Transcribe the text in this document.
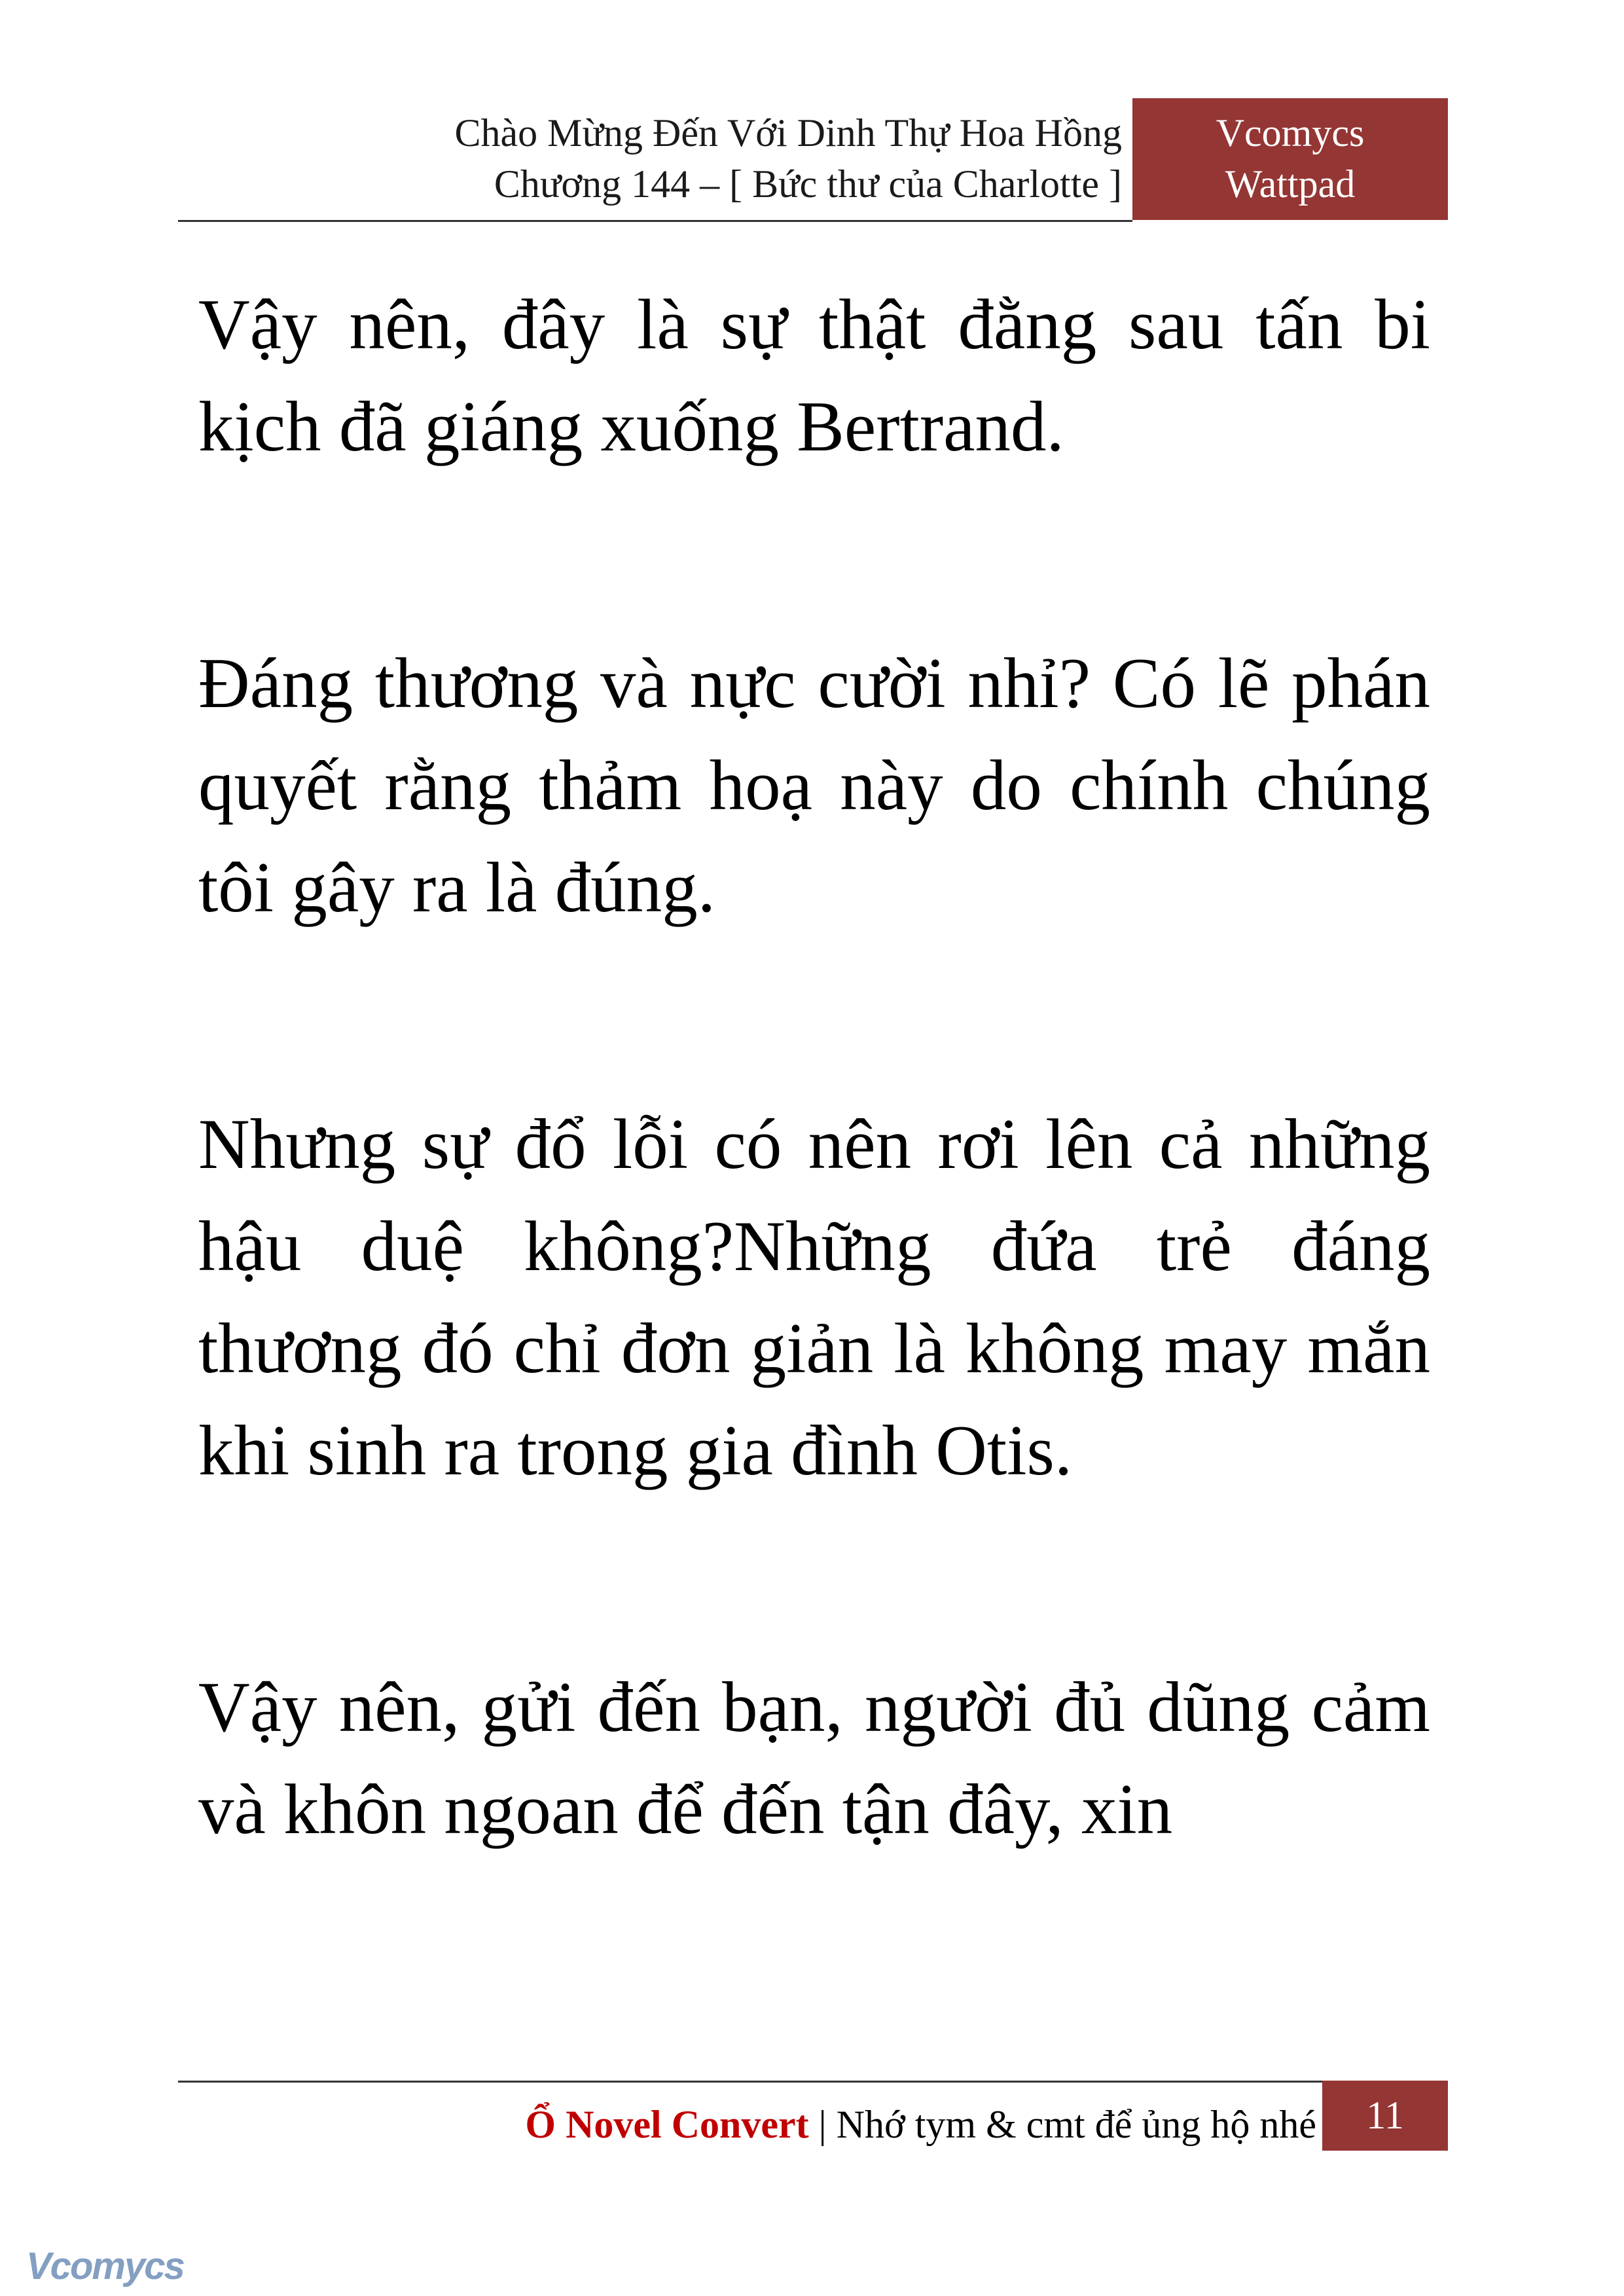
Chào Mừng Đến Với Dinh Thự Hoa Hồng
Chương 144 – [ Bức thư của Charlotte ]
Vcomycs
Wattpad

Vậy nên, đây là sự thật đằng sau tấn bi kịch đã giáng xuống Bertrand.

Đáng thương và nực cười nhỉ? Có lẽ phán quyết rằng thảm hoạ này do chính chúng tôi gây ra là đúng.

Nhưng sự đổ lỗi có nên rơi lên cả những hậu duệ không?Những đứa trẻ đáng thương đó chỉ đơn giản là không may mắn khi sinh ra trong gia đình Otis.

Vậy nên, gửi đến bạn, người đủ dũng cảm và khôn ngoan để đến tận đây, xin

Ổ Novel Convert | Nhớ tym & cmt để ủng hộ nhé	11
Vcomycs
